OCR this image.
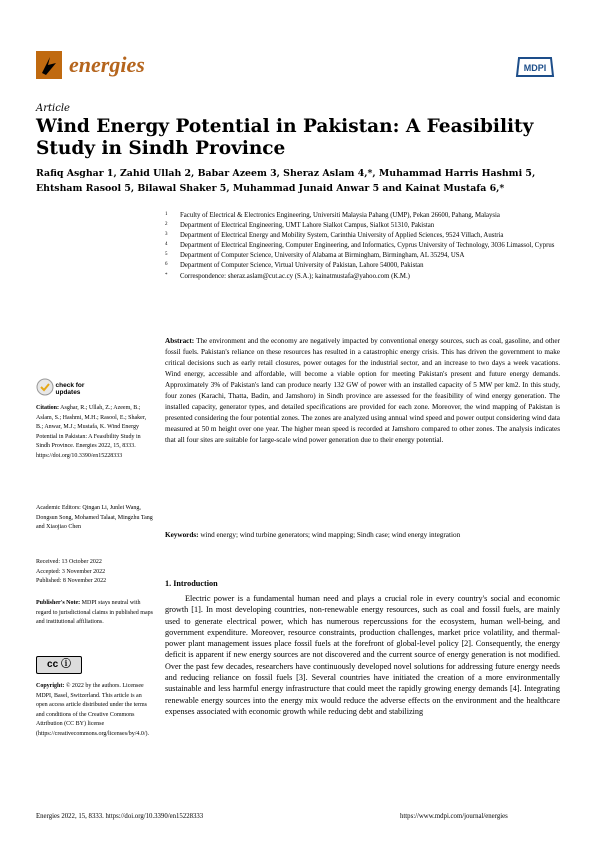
energies	MDPI
Article
Wind Energy Potential in Pakistan: A Feasibility Study in Sindh Province
Rafiq Asghar 1, Zahid Ullah 2, Babar Azeem 3, Sheraz Aslam 4,*, Muhammad Harris Hashmi 5,
Ehtsham Rasool 5, Bilawal Shaker 5, Muhammad Junaid Anwar 5 and Kainat Mustafa 6,*
1 Faculty of Electrical & Electronics Engineering, Universiti Malaysia Pahang (UMP), Pekan 26600, Pahang, Malaysia
2 Department of Electrical Engineering, UMT Lahore Sialkot Campus, Sialkot 51310, Pakistan
3 Department of Electrical Energy and Mobility System, Carinthia University of Applied Sciences, 9524 Villach, Austria
4 Department of Electrical Engineering, Computer Engineering, and Informatics, Cyprus University of Technology, 3036 Limassol, Cyprus
5 Department of Computer Science, University of Alabama at Birmingham, Birmingham, AL 35294, USA
6 Department of Computer Science, Virtual University of Pakistan, Lahore 54000, Pakistan
* Correspondence: sheraz.aslam@cut.ac.cy (S.A.); kainatmustafa@yahoo.com (K.M.)
Abstract: The environment and the economy are negatively impacted by conventional energy sources, such as coal, gasoline, and other fossil fuels. Pakistan's reliance on these resources has resulted in a catastrophic energy crisis. This has driven the government to make critical decisions such as early retail closures, power outages for the industrial sector, and an increase to two days a week vacations. Wind energy, accessible and affordable, will become a viable option for meeting Pakistan's present and future energy demands. Approximately 3% of Pakistan's land can produce nearly 132 GW of power with an installed capacity of 5 MW per km2. In this study, four zones (Karachi, Thatta, Badin, and Jamshoro) in Sindh province are assessed for the feasibility of wind energy generation. The installed capacity, generator types, and detailed specifications are provided for each zone. Moreover, the wind mapping of Pakistan is presented considering the four potential zones. The zones are analyzed using annual wind speed and power output considering wind data measured at 50 m height over one year. The higher mean speed is recorded at Jamshoro compared to other zones. The analysis indicates that all four sites are suitable for large-scale wind power generation due to their energy potential.
Keywords: wind energy; wind turbine generators; wind mapping; Sindh case; wind energy integration
check for
updates
Citation: Asghar, R.; Ullah, Z.; Azeem, B.; Aslam, S.; Hashmi, M.H.; Rasool, E.; Shaker, B.; Anwar, M.J.; Mustafa, K. Wind Energy Potential in Pakistan: A Feasibility Study in Sindh Province. Energies 2022, 15, 8333. https://doi.org/10.3390/en15228333
Academic Editors: Qingan Li, Junlei Wang, Dongsun Song, Mohamed Talaat, Mingzhu Tang and Xiaojiao Chen
Received: 13 October 2022
Accepted: 3 November 2022
Published: 8 November 2022
Publisher's Note: MDPI stays neutral with regard to jurisdictional claims in published maps and institutional affiliations.
Copyright: © 2022 by the authors. Licensee MDPI, Basel, Switzerland. This article is an open access article distributed under the terms and conditions of the Creative Commons Attribution (CC BY) license (https://creativecommons.org/licenses/by/4.0/).
cc ⓘ
1. Introduction
Electric power is a fundamental human need and plays a crucial role in every country's social and economic growth [1]. In most developing countries, non-renewable energy resources, such as coal and fossil fuels, are mainly used to generate electrical power, which has numerous repercussions for the ecosystem, human well-being, and government expenditure. Moreover, resource constraints, production challenges, market price volatility, and thermal-power plant management issues place fossil fuels at the forefront of global-level policy [2]. Consequently, the energy deficit is apparent if new energy sources are not discovered and the current source of energy generation is not modified. Over the past few decades, researchers have continuously developed novel solutions for addressing future energy needs and reducing reliance on fossil fuels [3]. Several countries have initiated the creation of a more environmentally sustainable and less harmful energy infrastructure that could meet the rapidly growing energy demands [4]. Integrating renewable energy sources into the energy mix would reduce the adverse effects on the environment and the healthcare expenses associated with economic growth while reducing debt and stabilizing
Energies 2022, 15, 8333. https://doi.org/10.3390/en15228333	https://www.mdpi.com/journal/energies
